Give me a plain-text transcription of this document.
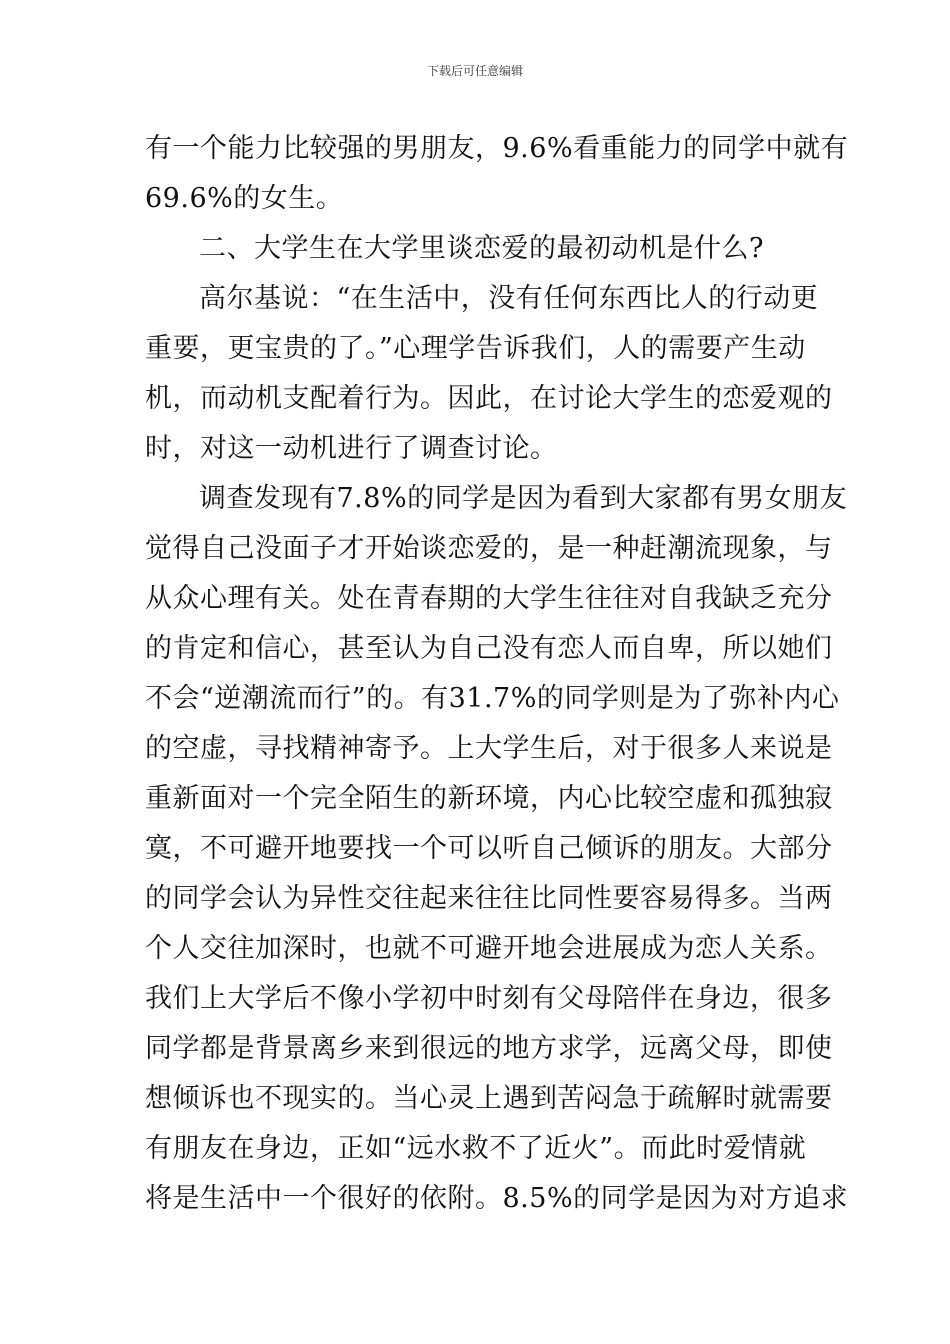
下载后可任意编辑
有一个能力比较强的男朋友，9.6%看重能力的同学中就有
69.6%的女生。
二、大学生在大学里谈恋爱的最初动机是什么?
高尔基说：“在生活中，没有任何东西比人的行动更
重要，更宝贵的了。”心理学告诉我们，人的需要产生动
机，而动机支配着行为。因此，在讨论大学生的恋爱观的
时，对这一动机进行了调查讨论。
调查发现有7.8%的同学是因为看到大家都有男女朋友
觉得自己没面子才开始谈恋爱的，是一种赶潮流现象，与
从众心理有关。处在青春期的大学生往往对自我缺乏充分
的肯定和信心，甚至认为自己没有恋人而自卑，所以她们
不会“逆潮流而行”的。有31.7%的同学则是为了弥补内心
的空虚，寻找精神寄予。上大学生后，对于很多人来说是
重新面对一个完全陌生的新环境，内心比较空虚和孤独寂
寞，不可避开地要找一个可以听自己倾诉的朋友。大部分
的同学会认为异性交往起来往往比同性要容易得多。当两
个人交往加深时，也就不可避开地会进展成为恋人关系。
我们上大学后不像小学初中时刻有父母陪伴在身边，很多
同学都是背景离乡来到很远的地方求学，远离父母，即使
想倾诉也不现实的。当心灵上遇到苦闷急于疏解时就需要
有朋友在身边，正如“远水救不了近火”。而此时爱情就
将是生活中一个很好的依附。8.5%的同学是因为对方追求
